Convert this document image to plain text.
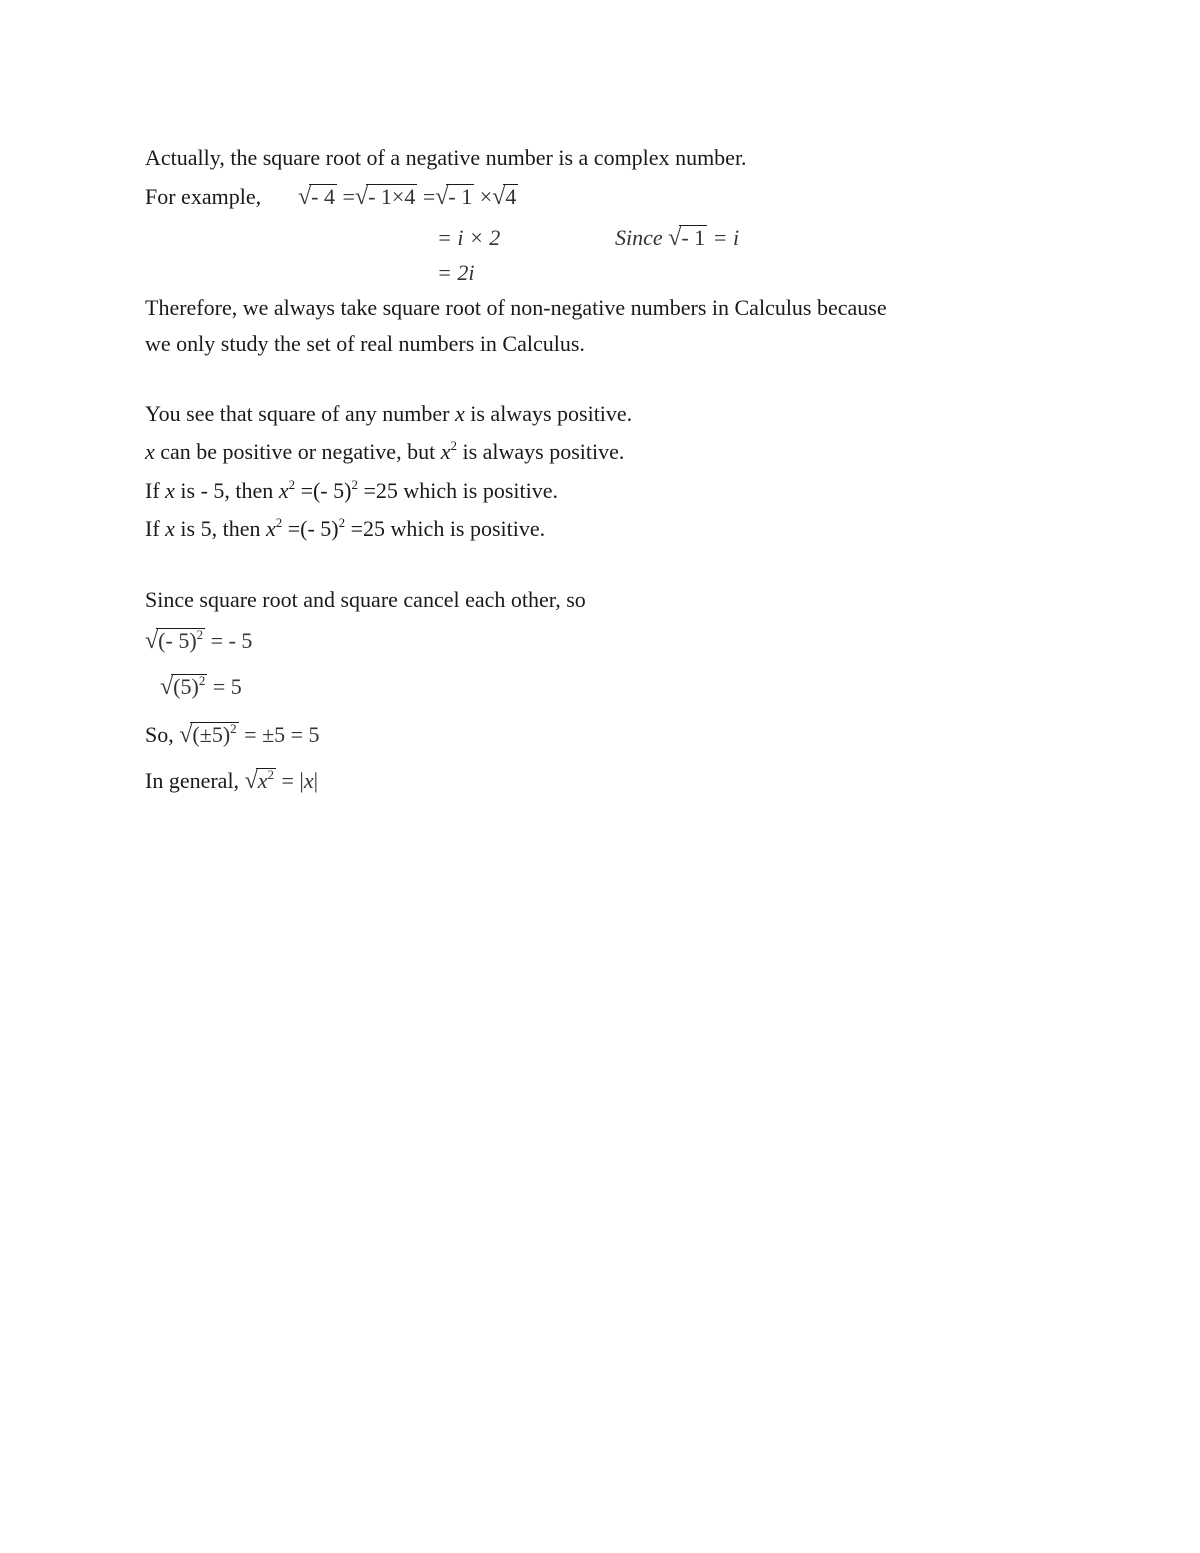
Actually, the square root of a negative number is a complex number.
For example, √- 4 =√- 1×4 =√- 1 ×√4
= i × 2	Since √- 1 = i
= 2i
Therefore, we always take square root of non-negative numbers in Calculus because
we only study the set of real numbers in Calculus.
You see that square of any number x is always positive.
x can be positive or negative, but $x^2$ is always positive.
If x is - 5, then $x^2$ =(- 5)$^2$ =25 which is positive.
If x is 5, then $x^2$ =(- 5)$^2$ =25 which is positive.
Since square root and square cancel each other, so
√(- 5)$^2$ = - 5
$√(5)^2 = 5$
So, $√(\pm 5)^2 = \pm 5 = 5$
In general, $√x^2 = |x|$
